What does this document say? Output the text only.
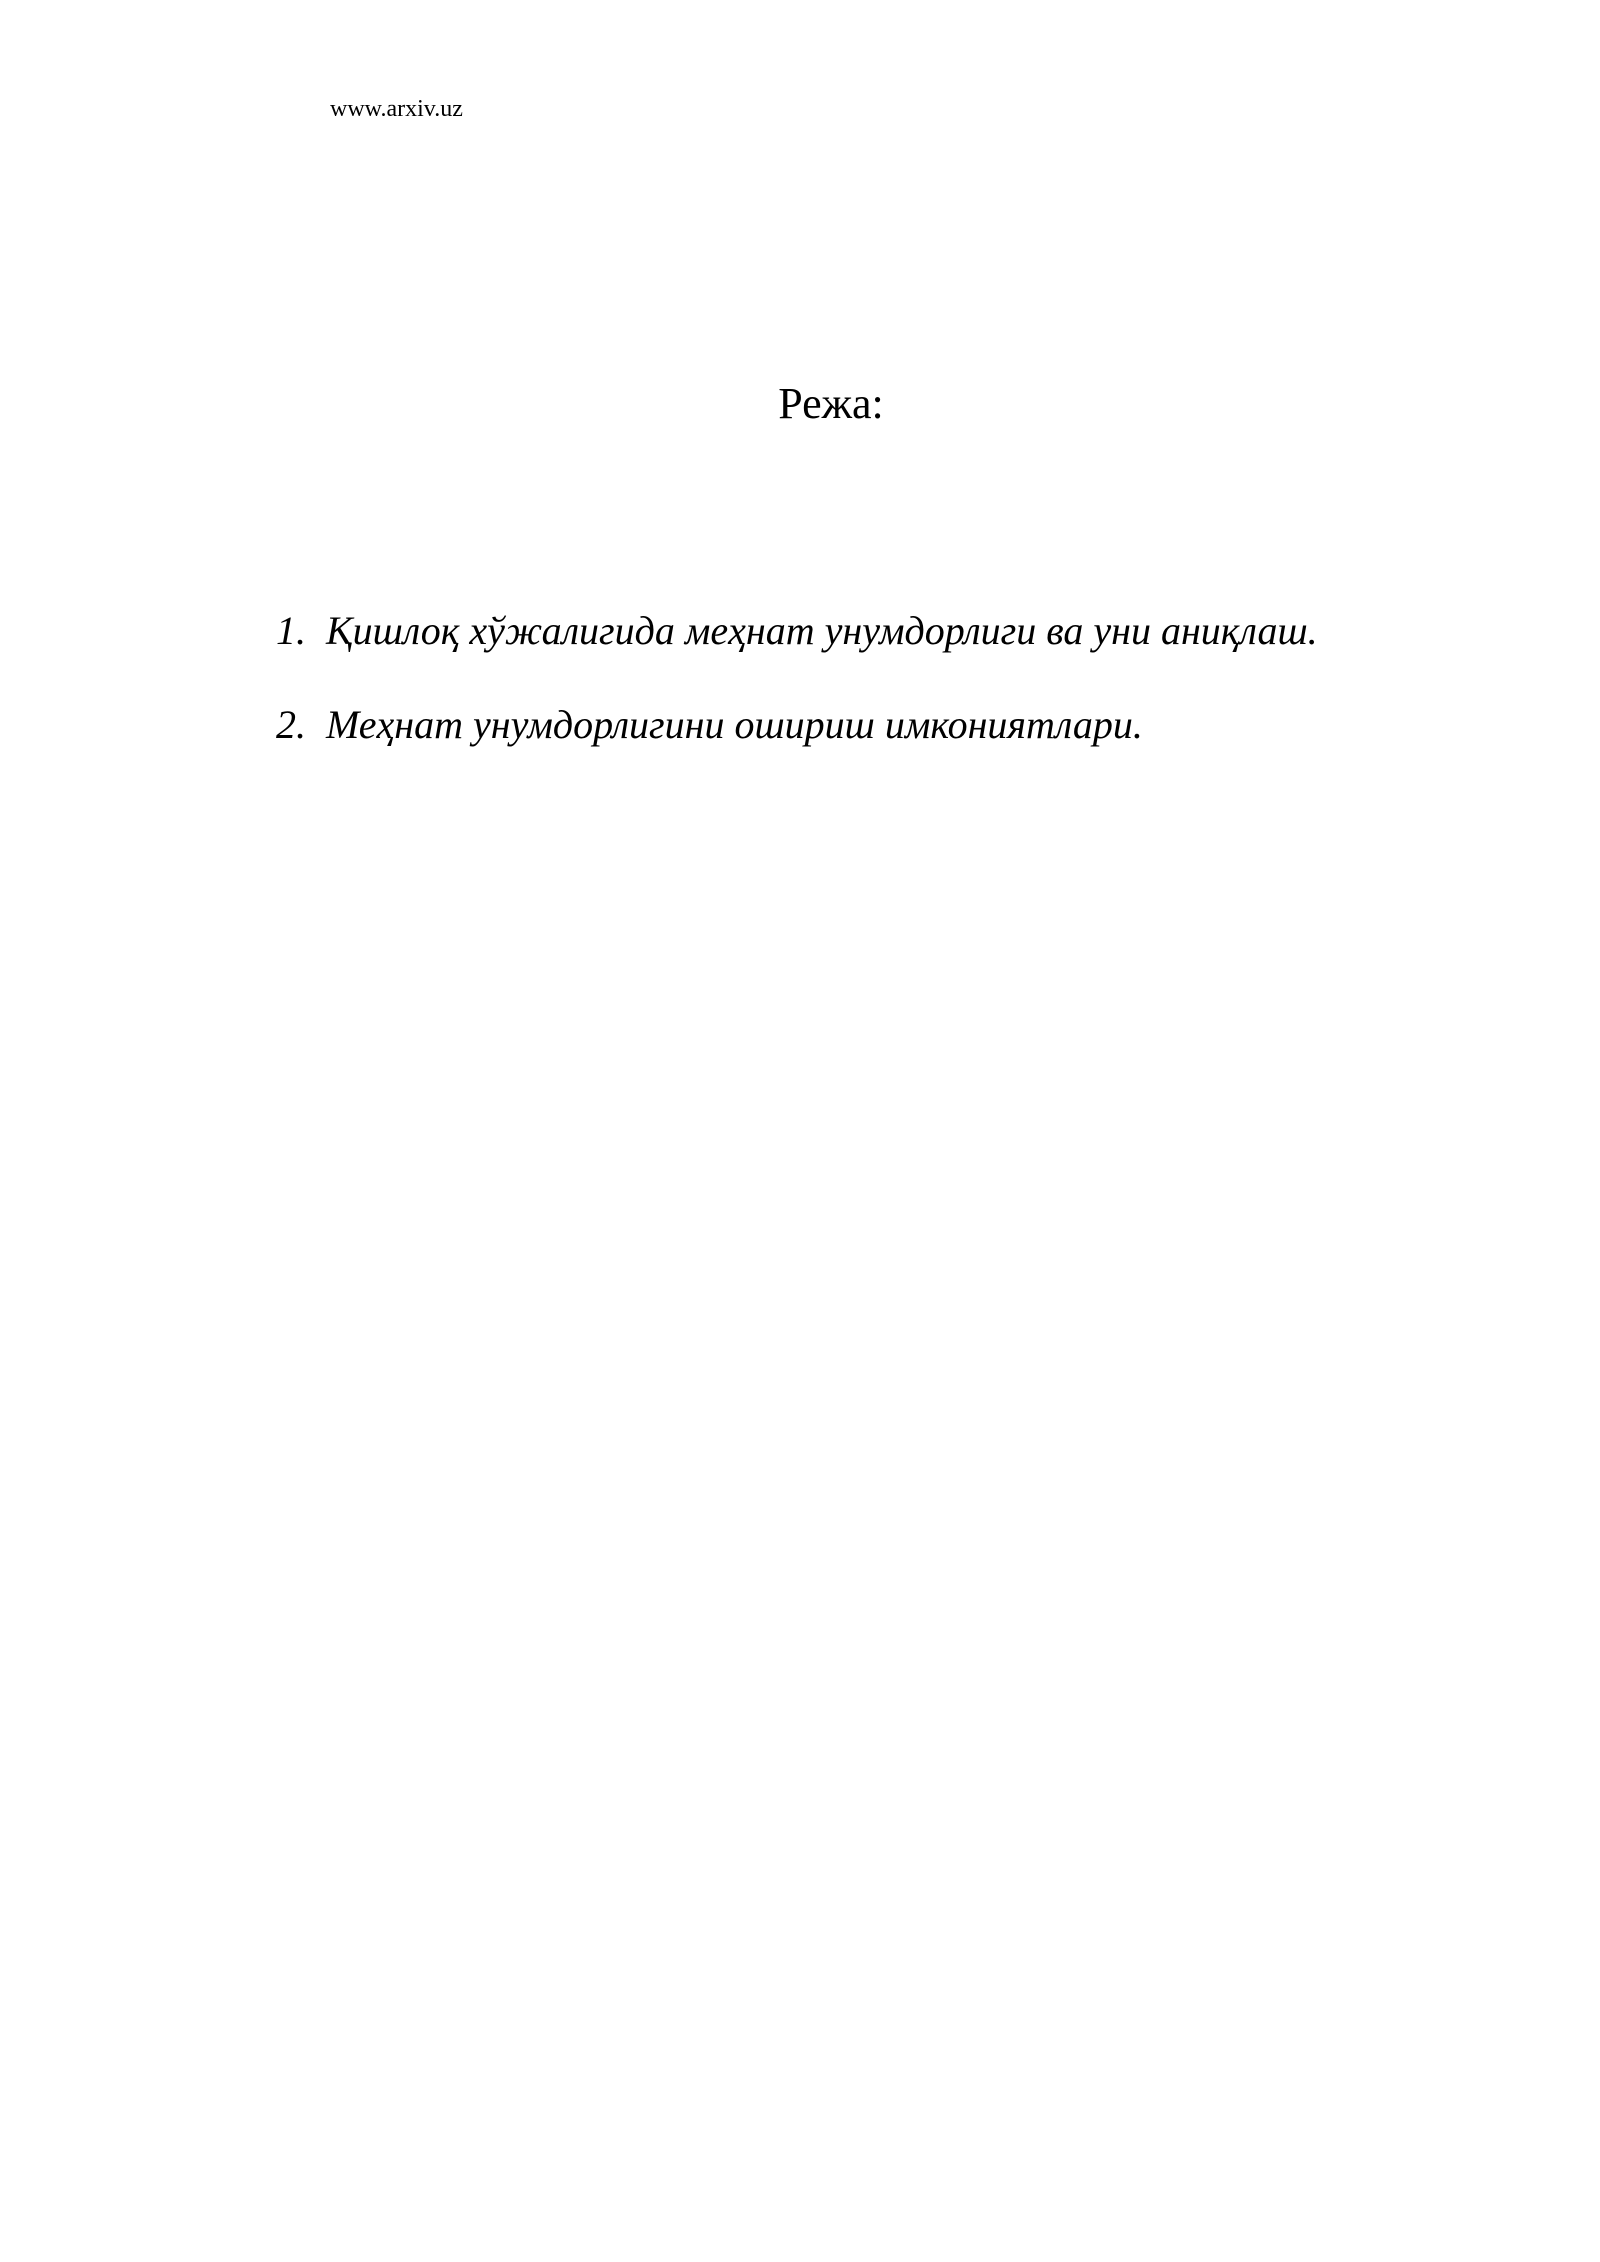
www.arxiv.uz
Режа:
1. Қишлоқ хўжалигида меҳнат унумдорлиги ва уни аниқлаш.
2. Меҳнат унумдорлигини ошириш имкониятлари.
